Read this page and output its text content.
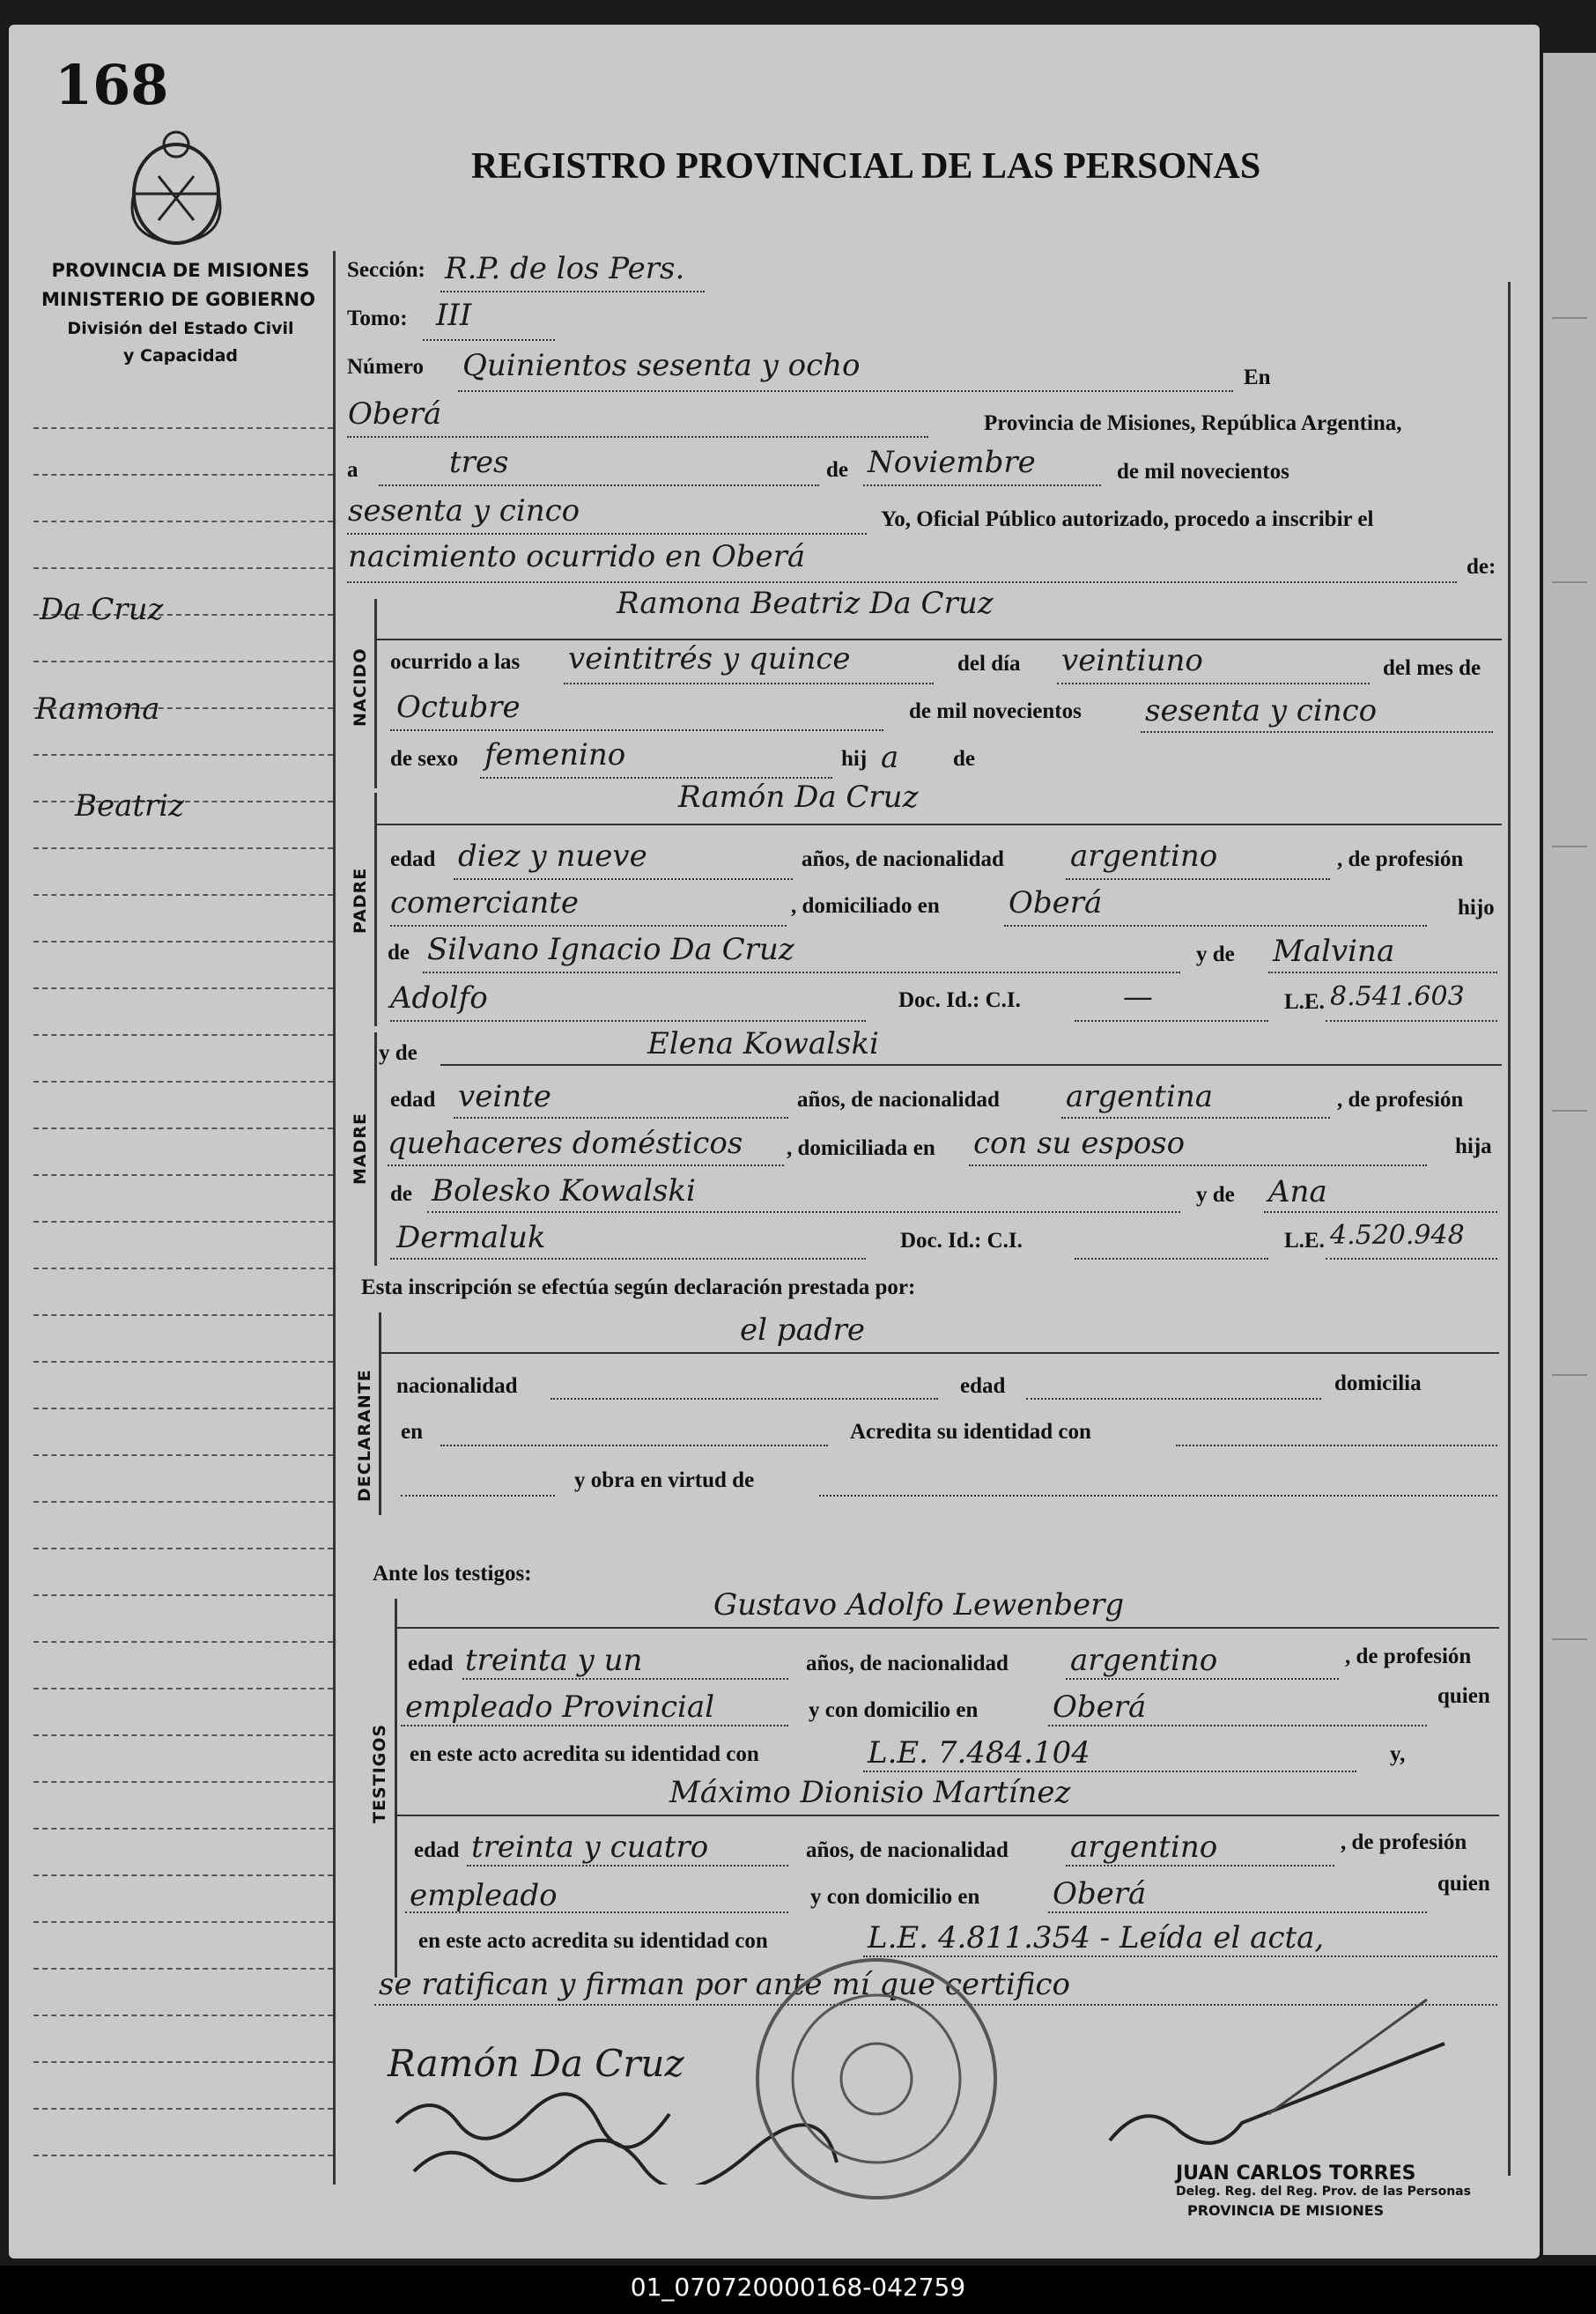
168
REGISTRO PROVINCIAL DE LAS PERSONAS
PROVINCIA DE MISIONES
MINISTERIO DE GOBIERNO
División del Estado Civil
y Capacidad
Da Cruz
Ramona
Beatriz
Sección: R.P. de los Pers.
Tomo: III
Número Quinientos sesenta y ocho	En
Oberá	Provincia de Misiones, República Argentina,
a	tres	de Noviembre	de mil novecientos
sesenta y cinco	Yo, Oficial Público autorizado, procedo a inscribir el
nacimiento ocurrido en Oberá	de:
NACIDO
Ramona Beatriz Da Cruz
ocurrido a las veintitrés y quince	del día veintiuno	del mes de
Octubre	de mil novecientos sesenta y cinco
de sexo femenino	hij a de
PADRE
Ramón Da Cruz
edad diez y nueve	años, de nacionalidad argentino	, de profesión
comerciante	, domiciliado en Oberá	hijo
de Silvano Ignacio Da Cruz	y de Malvina
Adolfo	Doc. Id.: C.I.	—	L.E. 8.541.603
MADRE
y de	Elena Kowalski
edad veinte	años, de nacionalidad argentina	, de profesión
quehaceres domésticos , domiciliada en con su esposo	hija
de Bolesko Kowalski	y de Ana
Dermaluk	Doc. Id.: C.I.	L.E. 4.520.948
Esta inscripción se efectúa según declaración prestada por:
DECLARANTE
el padre
nacionalidad	edad	domicilia
en	Acredita su identidad con
y obra en virtud de
Ante los testigos:
TESTIGOS
Gustavo Adolfo Lewenberg
edad treinta y un	años, de nacionalidad argentino	, de profesión
empleado Provincial	y con domicilio en Oberá	quien
en este acto acredita su identidad con	L.E. 7.484.104	y,
Máximo Dionisio Martínez
edad treinta y cuatro	años, de nacionalidad argentino	, de profesión
empleado	y con domicilio en Oberá	quien
en este acto acredita su identidad con	L.E. 4.811.354 - Leída el acta,
se ratifican y firman por ante mí que certifico
Ramón Da Cruz
JUAN CARLOS TORRES
Deleg. Reg. del Reg. Prov. de las Personas
PROVINCIA DE MISIONES
01_070720000168-042759
